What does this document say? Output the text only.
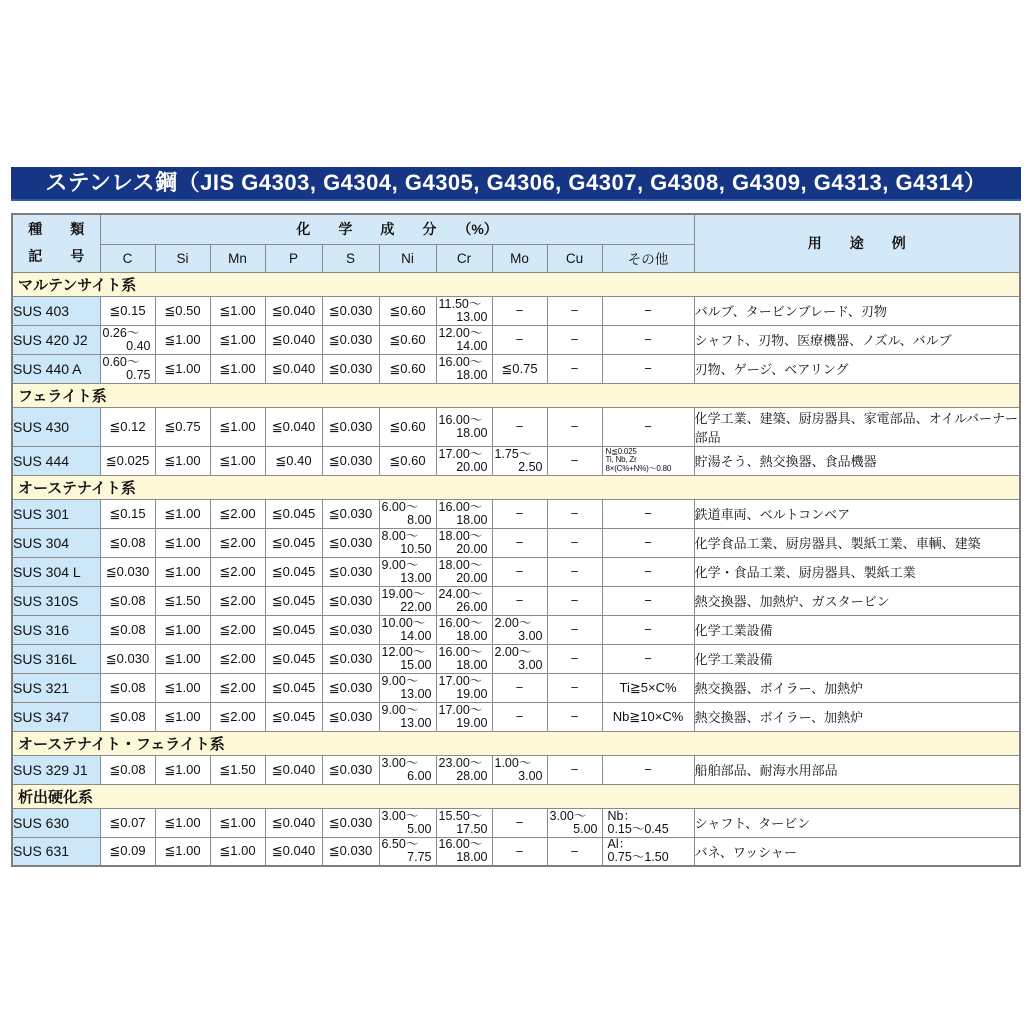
ステンレス鋼（JIS G4303, G4304, G4305, G4306, G4307, G4308, G4309, G4313, G4314）
種　　類
記　　号	化　　学　　成　　分　　（%）										用　　途　　例
	C	Si	Mn	P	S	Ni	Cr	Mo	Cu	その他	
マルテンサイト系											
SUS 403	≦0.15	≦0.50	≦1.00	≦0.040	≦0.030	≦0.60	11.50～
13.00	−	−	−	バルブ、タービンブレード、刃物
SUS 420 J2	0.26～
0.40	≦1.00	≦1.00	≦0.040	≦0.030	≦0.60	12.00～
14.00	−	−	−	シャフト、刃物、医療機器、ノズル、バルブ
SUS 440 A	0.60～
0.75	≦1.00	≦1.00	≦0.040	≦0.030	≦0.60	16.00～
18.00	≦0.75	−	−	刃物、ゲージ、ベアリング
フェライト系											
SUS 430	≦0.12	≦0.75	≦1.00	≦0.040	≦0.030	≦0.60	16.00～
18.00	−	−	−	化学工業、建築、厨房器具、家電部品、オイルバーナー部品
SUS 444	≦0.025	≦1.00	≦1.00	≦0.40	≦0.030	≦0.60	17.00～
20.00	1.75～
2.50	−	N≦0.025
Ti, Nb, Zr
8×(C%+N%)～0.80	貯湯そう、熱交換器、食品機器
オーステナイト系											
SUS 301	≦0.15	≦1.00	≦2.00	≦0.045	≦0.030	6.00～
8.00	16.00～
18.00	−	−	−	鉄道車両、ベルトコンベア
SUS 304	≦0.08	≦1.00	≦2.00	≦0.045	≦0.030	8.00～
10.50	18.00～
20.00	−	−	−	化学食品工業、厨房器具、製紙工業、車輌、建築
SUS 304 L	≦0.030	≦1.00	≦2.00	≦0.045	≦0.030	9.00～
13.00	18.00～
20.00	−	−	−	化学・食品工業、厨房器具、製紙工業
SUS 310S	≦0.08	≦1.50	≦2.00	≦0.045	≦0.030	19.00～
22.00	24.00～
26.00	−	−	−	熱交換器、加熱炉、ガスタービン
SUS 316	≦0.08	≦1.00	≦2.00	≦0.045	≦0.030	10.00～
14.00	16.00～
18.00	2.00～
3.00	−	−	化学工業設備
SUS 316L	≦0.030	≦1.00	≦2.00	≦0.045	≦0.030	12.00～
15.00	16.00～
18.00	2.00～
3.00	−	−	化学工業設備
SUS 321	≦0.08	≦1.00	≦2.00	≦0.045	≦0.030	9.00～
13.00	17.00～
19.00	−	−	Ti≧5×C%	熱交換器、ボイラー、加熱炉
SUS 347	≦0.08	≦1.00	≦2.00	≦0.045	≦0.030	9.00～
13.00	17.00～
19.00	−	−	Nb≧10×C%	熱交換器、ボイラー、加熱炉
オーステナイト・フェライト系											
SUS 329 J1	≦0.08	≦1.00	≦1.50	≦0.040	≦0.030	3.00～
6.00	23.00～
28.00	1.00～
3.00	−	−	船舶部品、耐海水用部品
析出硬化系											
SUS 630	≦0.07	≦1.00	≦1.00	≦0.040	≦0.030	3.00～
5.00	15.50～
17.50	−	3.00～
5.00	Nb：
0.15～0.45	シャフト、タービン
SUS 631	≦0.09	≦1.00	≦1.00	≦0.040	≦0.030	6.50～
7.75	16.00～
18.00	−	−	Al：
0.75～1.50	バネ、ワッシャー
